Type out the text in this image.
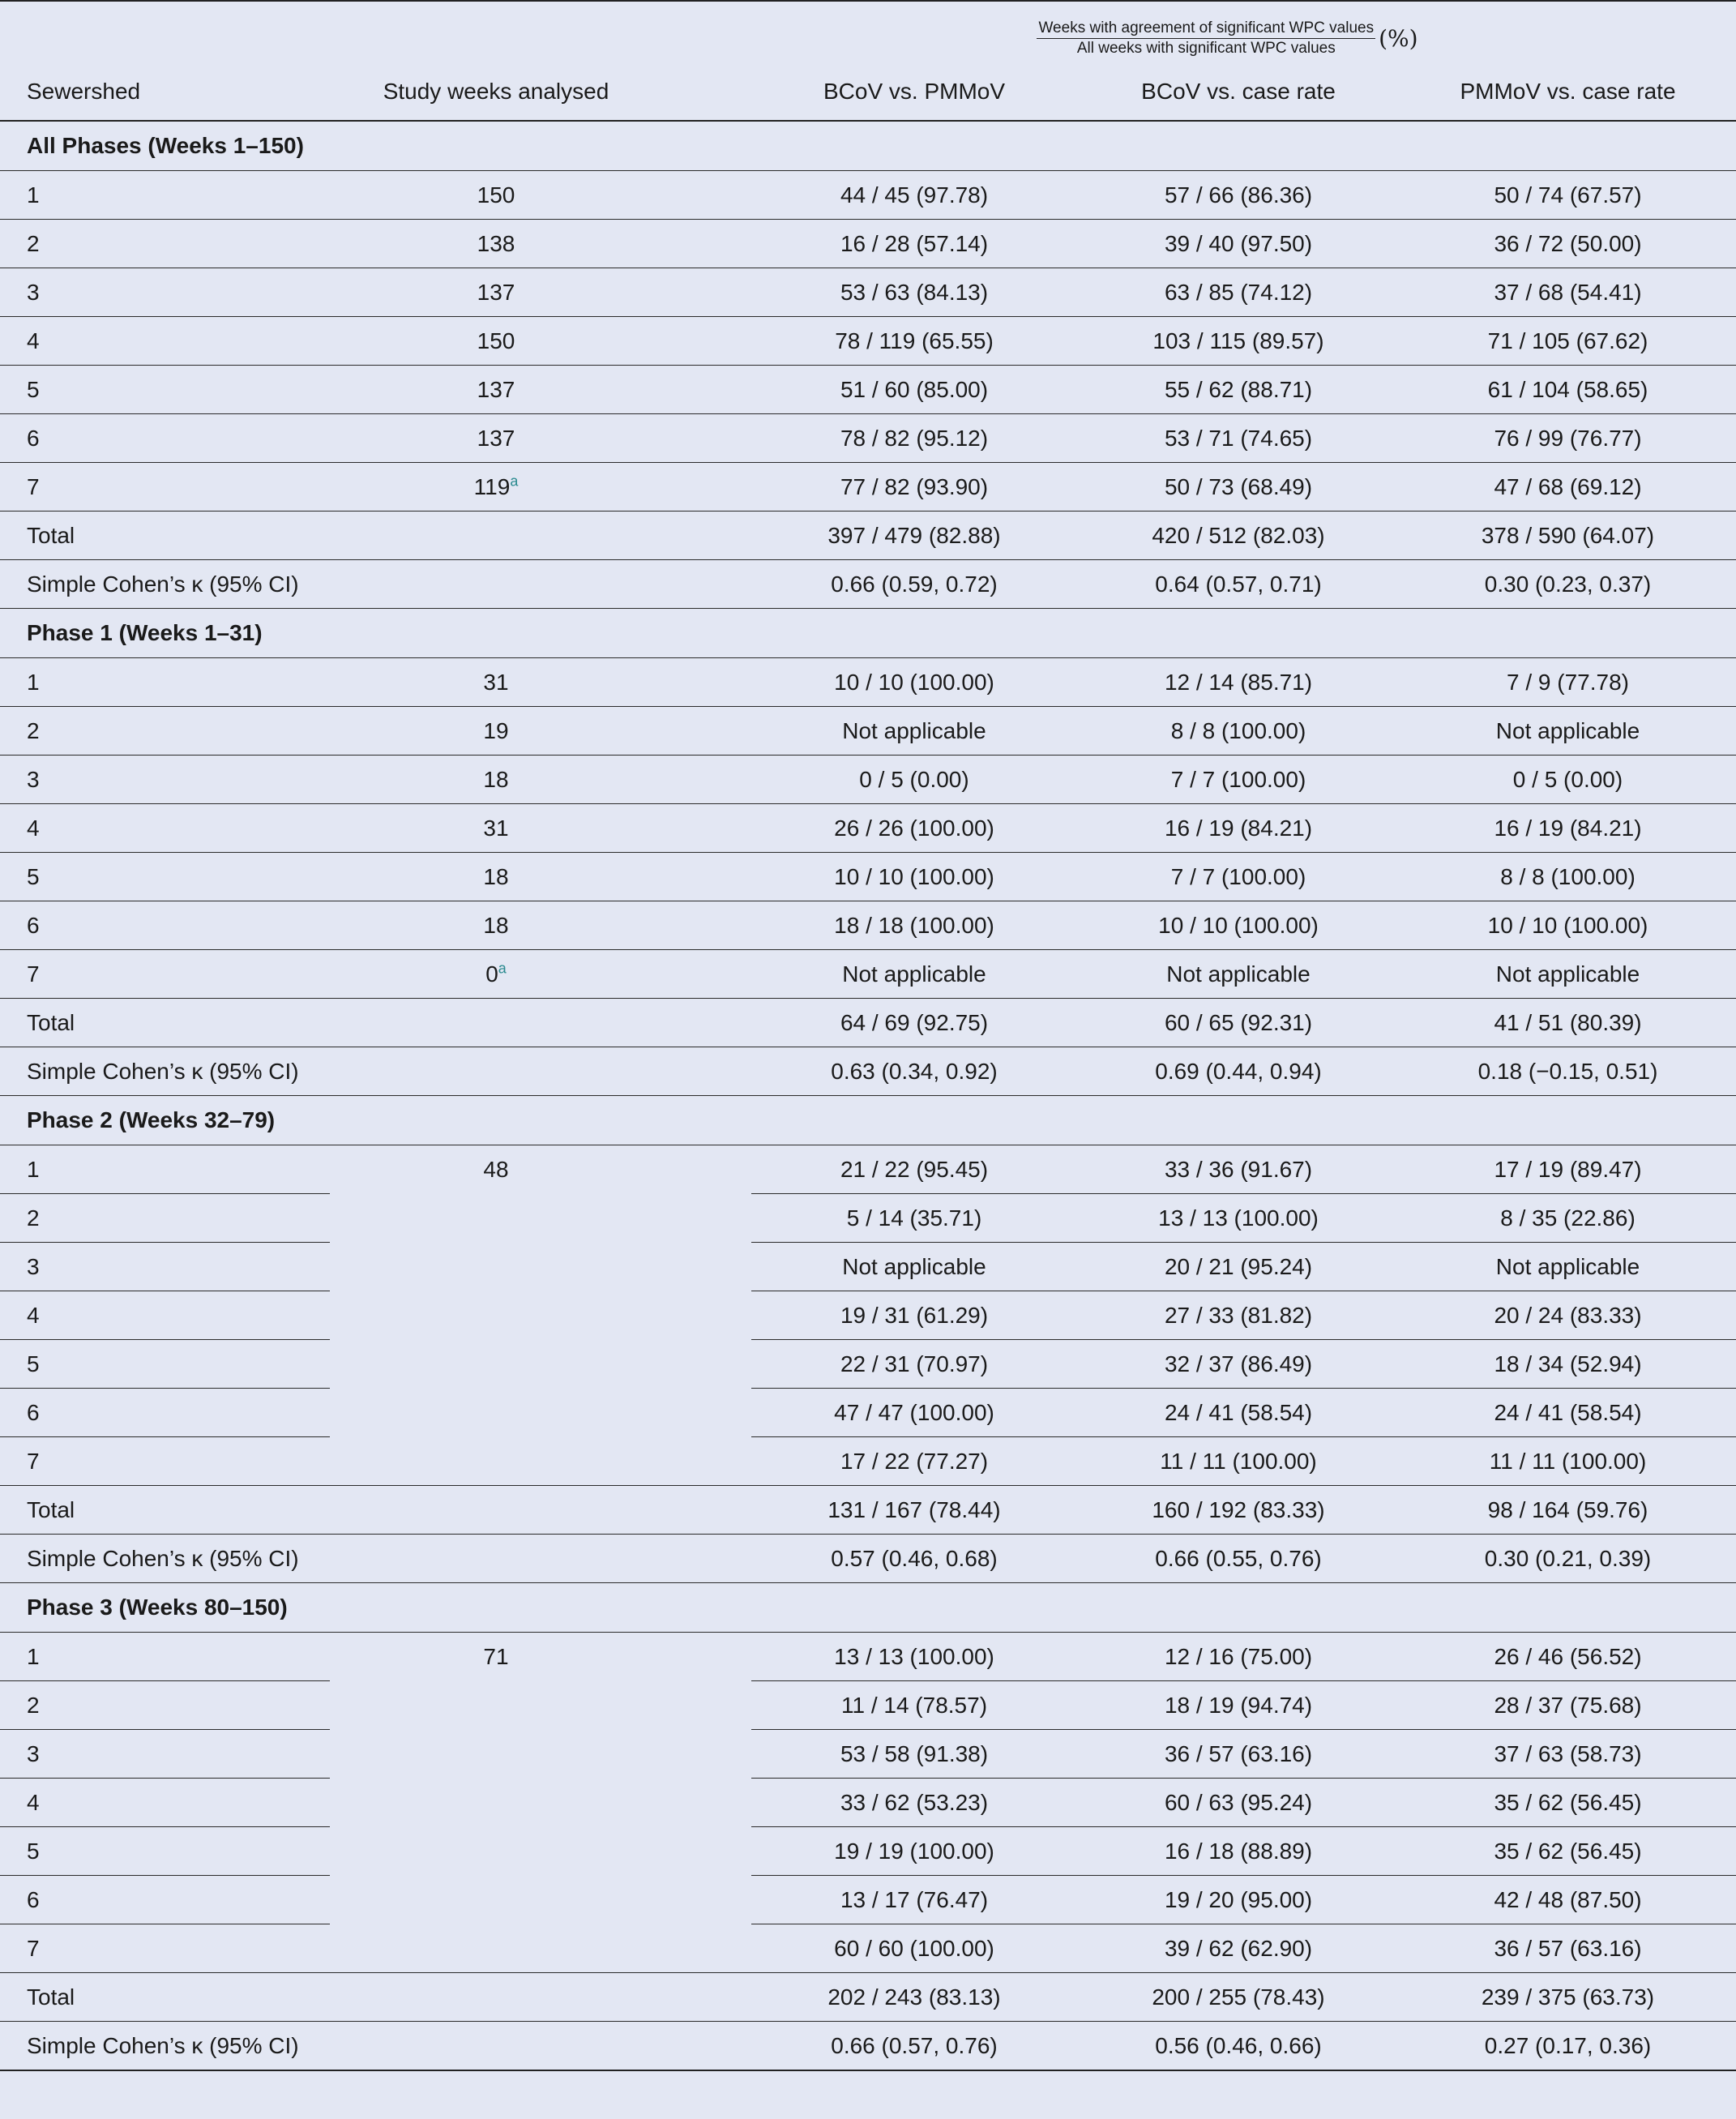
		$\frac{\text{Weeks with agreement of significant WPC values}}{\text{All weeks with significant WPC values}}$ (%)		

Sewershed	Study weeks analysed	BCoV vs. PMMoV	BCoV vs. case rate	PMMoV vs. case rate
All Phases (Weeks 1–150)				
1	150	44 / 45 (97.78)	57 / 66 (86.36)	50 / 74 (67.57)
2	138	16 / 28 (57.14)	39 / 40 (97.50)	36 / 72 (50.00)
3	137	53 / 63 (84.13)	63 / 85 (74.12)	37 / 68 (54.41)
4	150	78 / 119 (65.55)	103 / 115 (89.57)	71 / 105 (67.62)
5	137	51 / 60 (85.00)	55 / 62 (88.71)	61 / 104 (58.65)
6	137	78 / 82 (95.12)	53 / 71 (74.65)	76 / 99 (76.77)
7	119$^a$	77 / 82 (93.90)	50 / 73 (68.49)	47 / 68 (69.12)
Total		397 / 479 (82.88)	420 / 512 (82.03)	378 / 590 (64.07)
Simple Cohen’s κ (95% CI)		0.66 (0.59, 0.72)	0.64 (0.57, 0.71)	0.30 (0.23, 0.37)
Phase 1 (Weeks 1–31)				
1	31	10 / 10 (100.00)	12 / 14 (85.71)	7 / 9 (77.78)
2	19	Not applicable	8 / 8 (100.00)	Not applicable
3	18	0 / 5 (0.00)	7 / 7 (100.00)	0 / 5 (0.00)
4	31	26 / 26 (100.00)	16 / 19 (84.21)	16 / 19 (84.21)
5	18	10 / 10 (100.00)	7 / 7 (100.00)	8 / 8 (100.00)
6	18	18 / 18 (100.00)	10 / 10 (100.00)	10 / 10 (100.00)
7	0$^a$	Not applicable	Not applicable	Not applicable
Total		64 / 69 (92.75)	60 / 65 (92.31)	41 / 51 (80.39)
Simple Cohen’s κ (95% CI)		0.63 (0.34, 0.92)	0.69 (0.44, 0.94)	0.18 (−0.15, 0.51)
Phase 2 (Weeks 32–79)				
1	48	21 / 22 (95.45)	33 / 36 (91.67)	17 / 19 (89.47)
2		5 / 14 (35.71)	13 / 13 (100.00)	8 / 35 (22.86)
3		Not applicable	20 / 21 (95.24)	Not applicable
4		19 / 31 (61.29)	27 / 33 (81.82)	20 / 24 (83.33)
5		22 / 31 (70.97)	32 / 37 (86.49)	18 / 34 (52.94)
6		47 / 47 (100.00)	24 / 41 (58.54)	24 / 41 (58.54)
7		17 / 22 (77.27)	11 / 11 (100.00)	11 / 11 (100.00)
Total		131 / 167 (78.44)	160 / 192 (83.33)	98 / 164 (59.76)
Simple Cohen’s κ (95% CI)		0.57 (0.46, 0.68)	0.66 (0.55, 0.76)	0.30 (0.21, 0.39)
Phase 3 (Weeks 80–150)				
1	71	13 / 13 (100.00)	12 / 16 (75.00)	26 / 46 (56.52)
2		11 / 14 (78.57)	18 / 19 (94.74)	28 / 37 (75.68)
3		53 / 58 (91.38)	36 / 57 (63.16)	37 / 63 (58.73)
4		33 / 62 (53.23)	60 / 63 (95.24)	35 / 62 (56.45)
5		19 / 19 (100.00)	16 / 18 (88.89)	35 / 62 (56.45)
6		13 / 17 (76.47)	19 / 20 (95.00)	42 / 48 (87.50)
7		60 / 60 (100.00)	39 / 62 (62.90)	36 / 57 (63.16)
Total		202 / 243 (83.13)	200 / 255 (78.43)	239 / 375 (63.73)
Simple Cohen’s κ (95% CI)		0.66 (0.57, 0.76)	0.56 (0.46, 0.66)	0.27 (0.17, 0.36)
